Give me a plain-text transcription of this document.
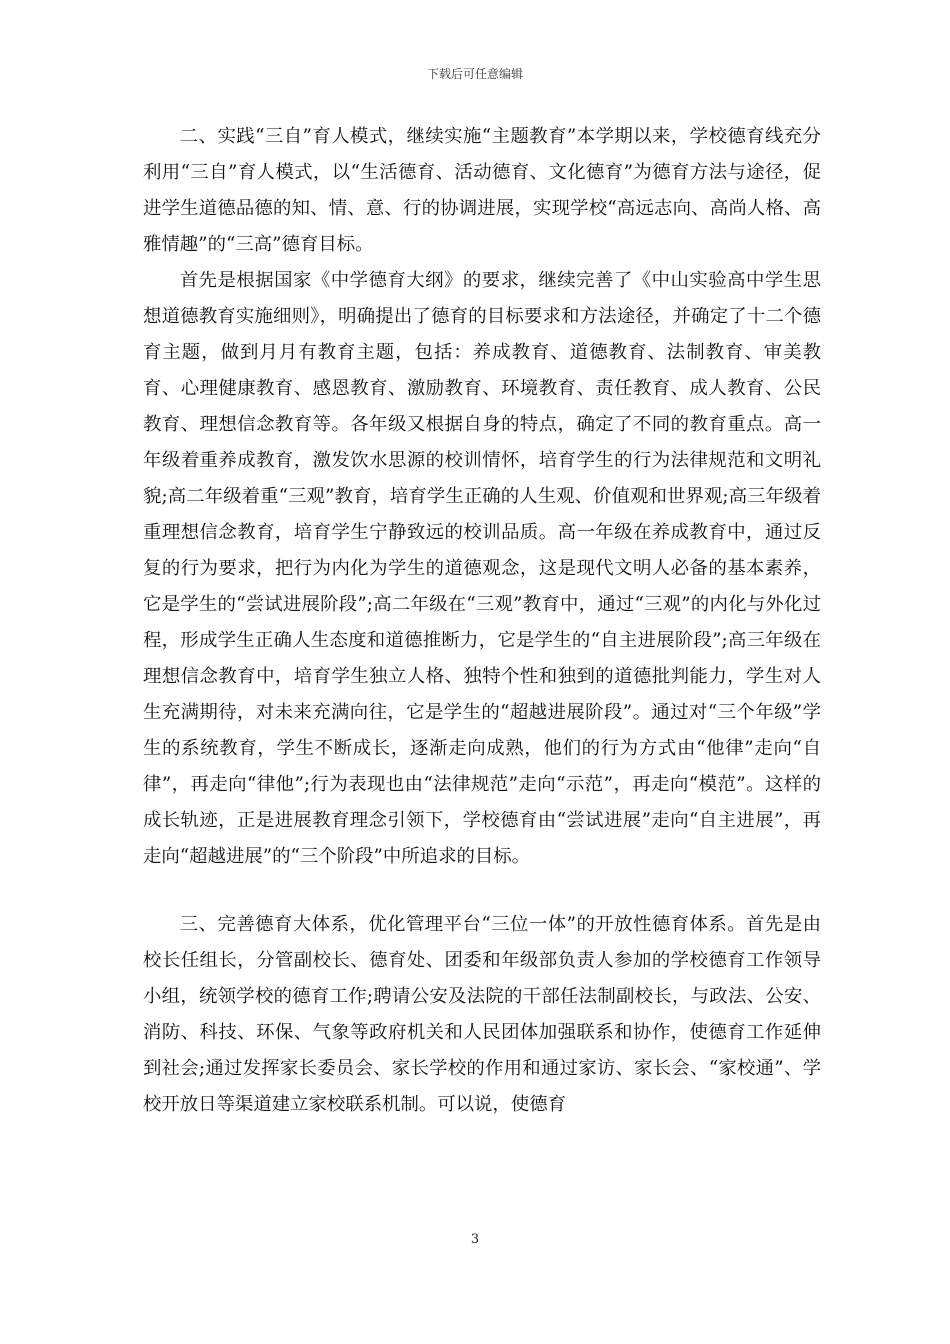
下载后可任意编辑

二、实践“三自”育人模式，继续实施“主题教育”本学期以来，学校德育线充分利用“三自”育人模式，以“生活德育、活动德育、文化德育”为德育方法与途径，促进学生道德品德的知、情、意、行的协调进展，实现学校“高远志向、高尚人格、高雅情趣”的“三高”德育目标。

首先是根据国家《中学德育大纲》的要求，继续完善了《中山实验高中学生思想道德教育实施细则》，明确提出了德育的目标要求和方法途径，并确定了十二个德育主题，做到月月有教育主题，包括：养成教育、道德教育、法制教育、审美教育、心理健康教育、感恩教育、激励教育、环境教育、责任教育、成人教育、公民教育、理想信念教育等。各年级又根据自身的特点，确定了不同的教育重点。高一年级着重养成教育，激发饮水思源的校训情怀，培育学生的行为法律规范和文明礼貌;高二年级着重“三观”教育，培育学生正确的人生观、价值观和世界观;高三年级着重理想信念教育，培育学生宁静致远的校训品质。高一年级在养成教育中，通过反复的行为要求，把行为内化为学生的道德观念，这是现代文明人必备的基本素养，它是学生的“尝试进展阶段”;高二年级在“三观”教育中，通过“三观”的内化与外化过程，形成学生正确人生态度和道德推断力，它是学生的“自主进展阶段”;高三年级在理想信念教育中，培育学生独立人格、独特个性和独到的道德批判能力，学生对人生充满期待，对未来充满向往，它是学生的“超越进展阶段”。通过对“三个年级”学生的系统教育，学生不断成长，逐渐走向成熟，他们的行为方式由“他律”走向“自律”，再走向“律他”;行为表现也由“法律规范”走向“示范”，再走向“模范”。这样的成长轨迹，正是进展教育理念引领下，学校德育由“尝试进展”走向“自主进展”，再走向“超越进展”的“三个阶段”中所追求的目标。

三、完善德育大体系，优化管理平台“三位一体”的开放性德育体系。首先是由校长任组长，分管副校长、德育处、团委和年级部负责人参加的学校德育工作领导小组，统领学校的德育工作;聘请公安及法院的干部任法制副校长，与政法、公安、消防、科技、环保、气象等政府机关和人民团体加强联系和协作，使德育工作延伸到社会;通过发挥家长委员会、家长学校的作用和通过家访、家长会、“家校通”、学校开放日等渠道建立家校联系机制。可以说，使德育

3
